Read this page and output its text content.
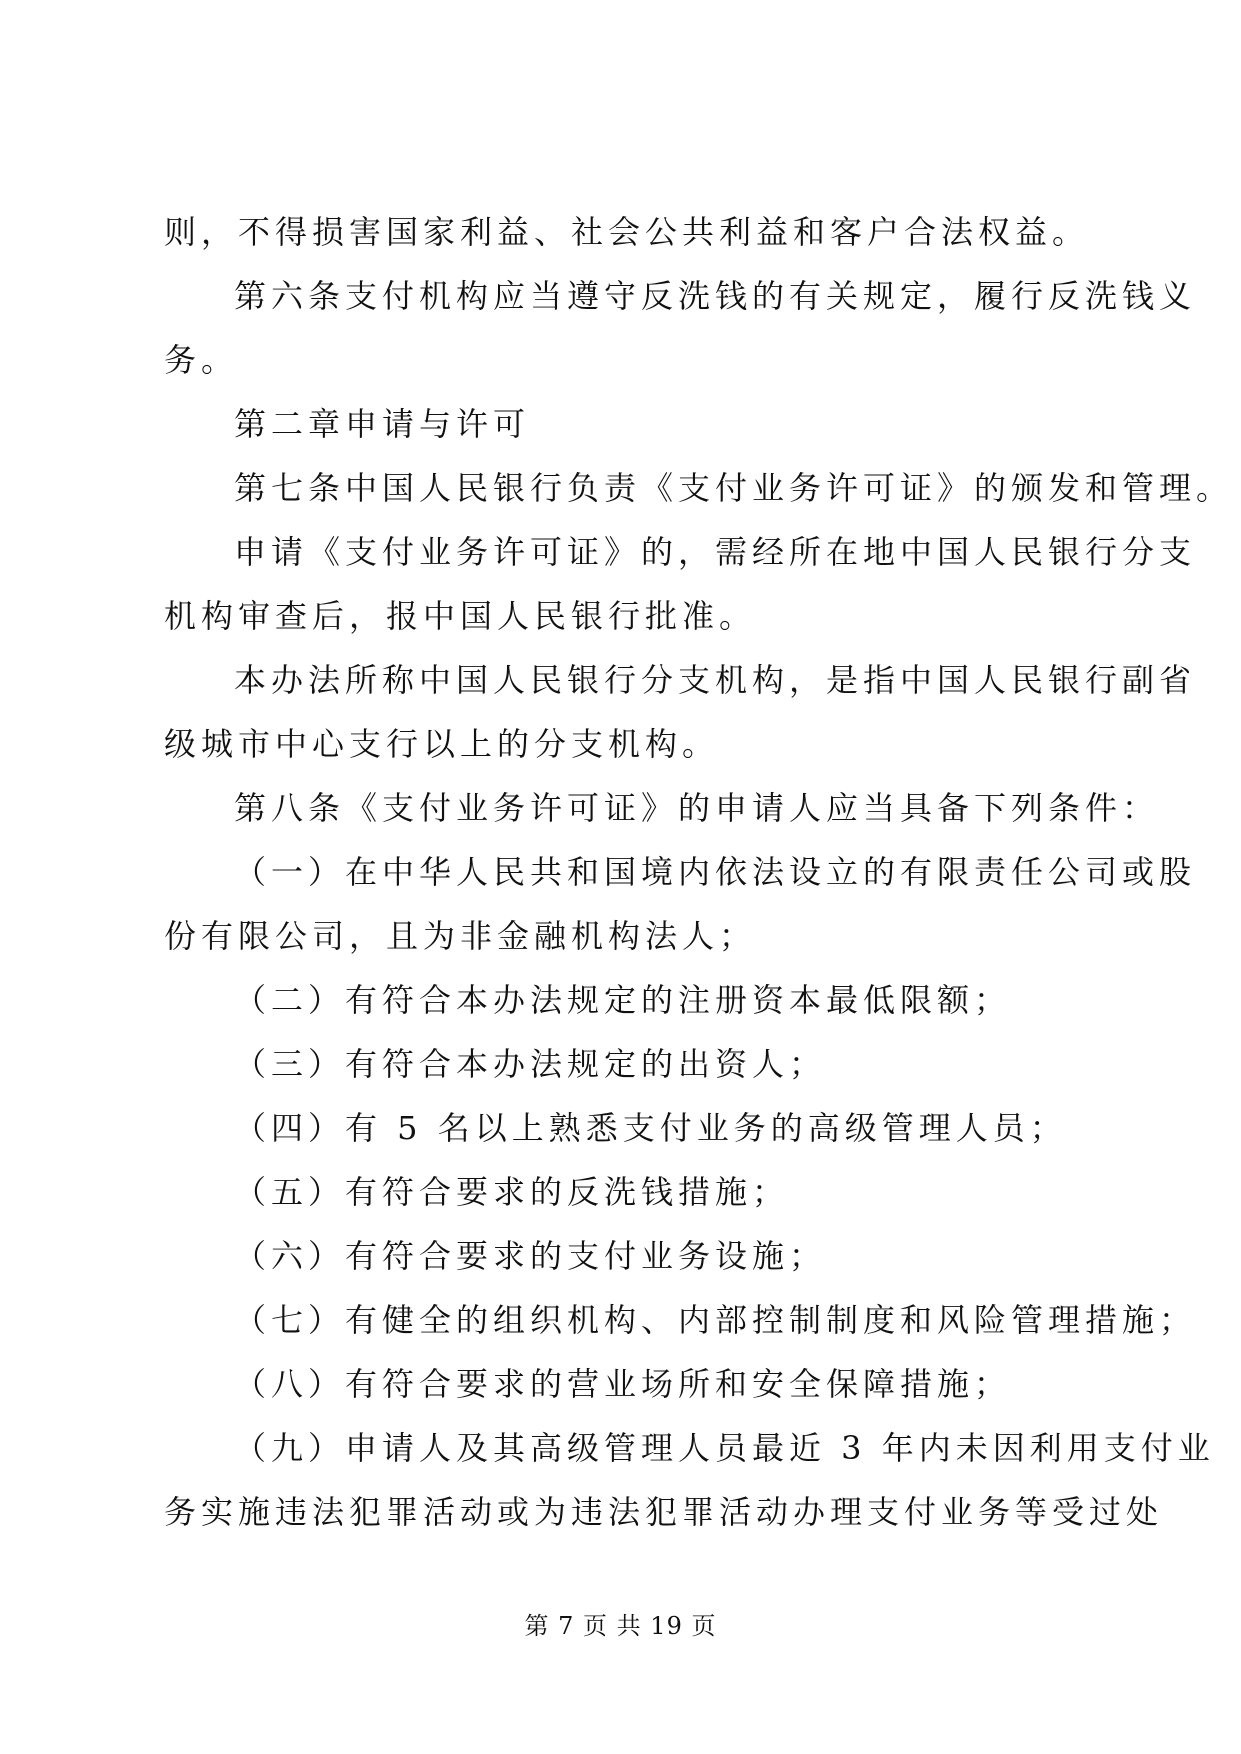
则，不得损害国家利益、社会公共利益和客户合法权益。
第六条支付机构应当遵守反洗钱的有关规定，履行反洗钱义
务。
第二章申请与许可
第七条中国人民银行负责《支付业务许可证》的颁发和管理。
申请《支付业务许可证》的，需经所在地中国人民银行分支
机构审查后，报中国人民银行批准。
本办法所称中国人民银行分支机构，是指中国人民银行副省
级城市中心支行以上的分支机构。
第八条《支付业务许可证》的申请人应当具备下列条件：
（一）在中华人民共和国境内依法设立的有限责任公司或股
份有限公司，且为非金融机构法人；
（二）有符合本办法规定的注册资本最低限额；
（三）有符合本办法规定的出资人；
（四）有 5 名以上熟悉支付业务的高级管理人员；
（五）有符合要求的反洗钱措施；
（六）有符合要求的支付业务设施；
（七）有健全的组织机构、内部控制制度和风险管理措施；
（八）有符合要求的营业场所和安全保障措施；
（九）申请人及其高级管理人员最近 3 年内未因利用支付业
务实施违法犯罪活动或为违法犯罪活动办理支付业务等受过处
第 7 页 共 19 页
